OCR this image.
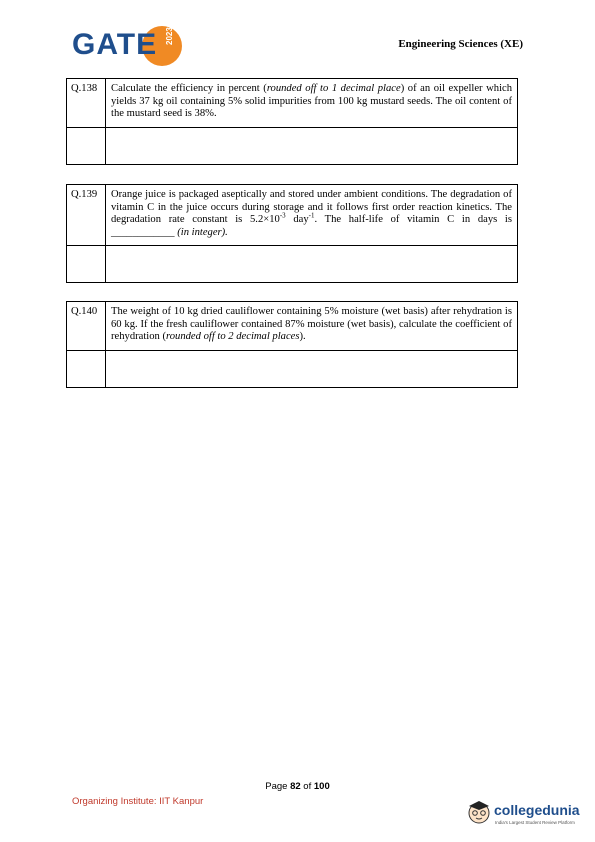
GATE 2023	Engineering Sciences (XE)
Q.138	Calculate the efficiency in percent (rounded off to 1 decimal place) of an oil expeller which yields 37 kg oil containing 5% solid impurities from 100 kg mustard seeds. The oil content of the mustard seed is 38%.

Q.139	Orange juice is packaged aseptically and stored under ambient conditions. The degradation of vitamin C in the juice occurs during storage and it follows first order reaction kinetics. The degradation rate constant is $5.2\times 10^{-3}$ day$^{-1}$. The half-life of vitamin C in days is ____________ (in integer).

Q.140	The weight of 10 kg dried cauliflower containing 5% moisture (wet basis) after rehydration is 60 kg. If the fresh cauliflower contained 87% moisture (wet basis), calculate the coefficient of rehydration (rounded off to 2 decimal places).

Page 82 of 100
Organizing Institute: IIT Kanpur
collegedunia
India's Largest Student Review Platform
